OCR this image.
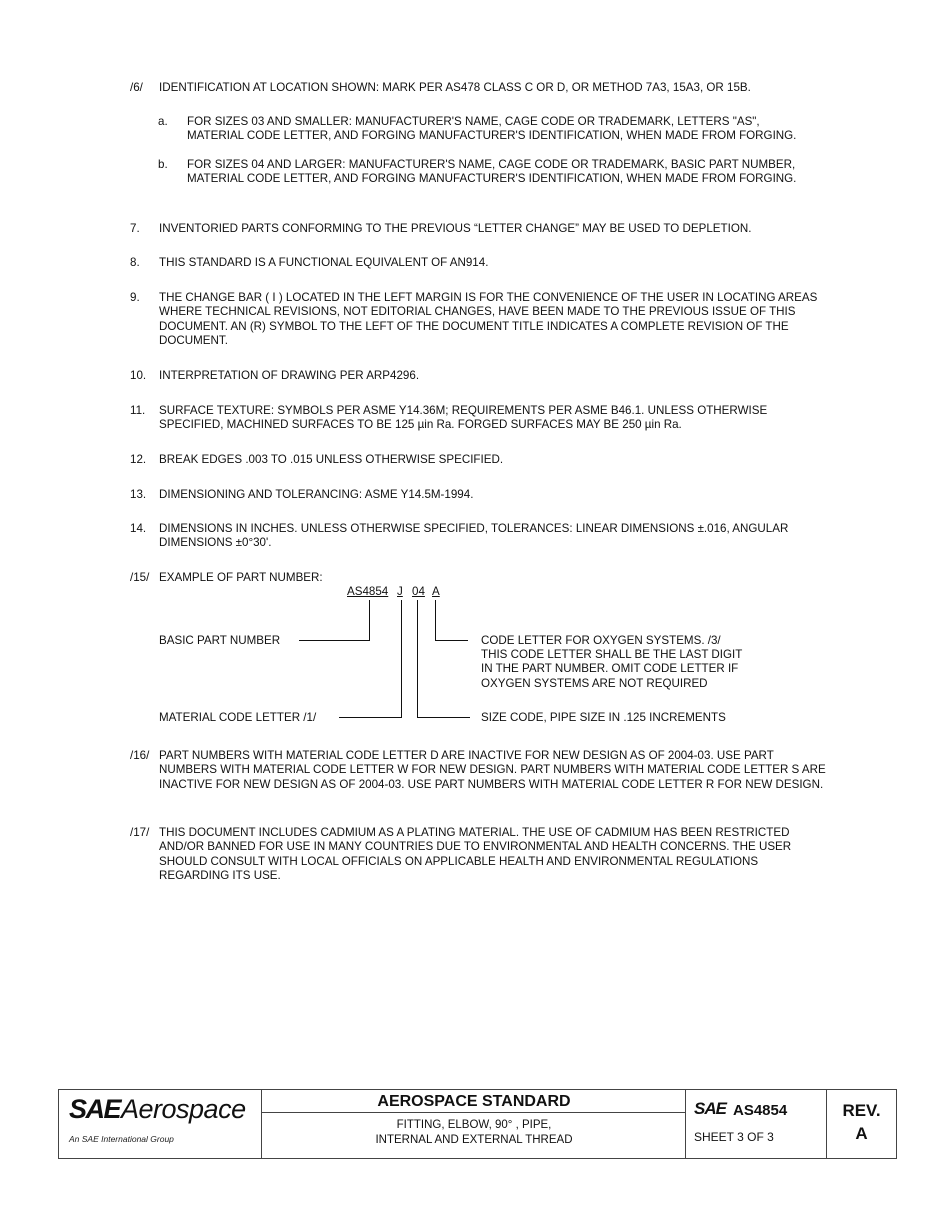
/6/	IDENTIFICATION AT LOCATION SHOWN: MARK PER AS478 CLASS C OR D, OR METHOD 7A3, 15A3, OR 15B.
a. FOR SIZES 03 AND SMALLER: MANUFACTURER'S NAME, CAGE CODE OR TRADEMARK, LETTERS "AS", MATERIAL CODE LETTER, AND FORGING MANUFACTURER'S IDENTIFICATION, WHEN MADE FROM FORGING.
b. FOR SIZES 04 AND LARGER: MANUFACTURER'S NAME, CAGE CODE OR TRADEMARK, BASIC PART NUMBER, MATERIAL CODE LETTER, AND FORGING MANUFACTURER'S IDENTIFICATION, WHEN MADE FROM FORGING.
7.	INVENTORIED PARTS CONFORMING TO THE PREVIOUS “LETTER CHANGE” MAY BE USED TO DEPLETION.
8.	THIS STANDARD IS A FUNCTIONAL EQUIVALENT OF AN914.
9.	THE CHANGE BAR ( I ) LOCATED IN THE LEFT MARGIN IS FOR THE CONVENIENCE OF THE USER IN LOCATING AREAS WHERE TECHNICAL REVISIONS, NOT EDITORIAL CHANGES, HAVE BEEN MADE TO THE PREVIOUS ISSUE OF THIS DOCUMENT. AN (R) SYMBOL TO THE LEFT OF THE DOCUMENT TITLE INDICATES A COMPLETE REVISION OF THE DOCUMENT.
10.	INTERPRETATION OF DRAWING PER ARP4296.
11.	SURFACE TEXTURE: SYMBOLS PER ASME Y14.36M; REQUIREMENTS PER ASME B46.1. UNLESS OTHERWISE SPECIFIED, MACHINED SURFACES TO BE 125 µin Ra. FORGED SURFACES MAY BE 250 µin Ra.
12.	BREAK EDGES .003 TO .015 UNLESS OTHERWISE SPECIFIED.
13.	DIMENSIONING AND TOLERANCING: ASME Y14.5M-1994.
14.	DIMENSIONS IN INCHES. UNLESS OTHERWISE SPECIFIED, TOLERANCES: LINEAR DIMENSIONS ±.016, ANGULAR DIMENSIONS ±0°30'.
/15/ EXAMPLE OF PART NUMBER:
AS4854 J 04 A
BASIC PART NUMBER
MATERIAL CODE LETTER /1/	SIZE CODE, PIPE SIZE IN .125 INCREMENTS
CODE LETTER FOR OXYGEN SYSTEMS. /3/
THIS CODE LETTER SHALL BE THE LAST DIGIT
IN THE PART NUMBER. OMIT CODE LETTER IF
OXYGEN SYSTEMS ARE NOT REQUIRED
/16/ PART NUMBERS WITH MATERIAL CODE LETTER D ARE INACTIVE FOR NEW DESIGN AS OF 2004-03. USE PART NUMBERS WITH MATERIAL CODE LETTER W FOR NEW DESIGN. PART NUMBERS WITH MATERIAL CODE LETTER S ARE INACTIVE FOR NEW DESIGN AS OF 2004-03. USE PART NUMBERS WITH MATERIAL CODE LETTER R FOR NEW DESIGN.
/17/ THIS DOCUMENT INCLUDES CADMIUM AS A PLATING MATERIAL. THE USE OF CADMIUM HAS BEEN RESTRICTED AND/OR BANNED FOR USE IN MANY COUNTRIES DUE TO ENVIRONMENTAL AND HEALTH CONCERNS. THE USER SHOULD CONSULT WITH LOCAL OFFICIALS ON APPLICABLE HEALTH AND ENVIRONMENTAL REGULATIONS REGARDING ITS USE.
SAE Aerospace
An SAE International Group
AEROSPACE STANDARD
FITTING, ELBOW, 90° , PIPE,
INTERNAL AND EXTERNAL THREAD
SAE AS4854
SHEET 3 OF 3
REV.
A
